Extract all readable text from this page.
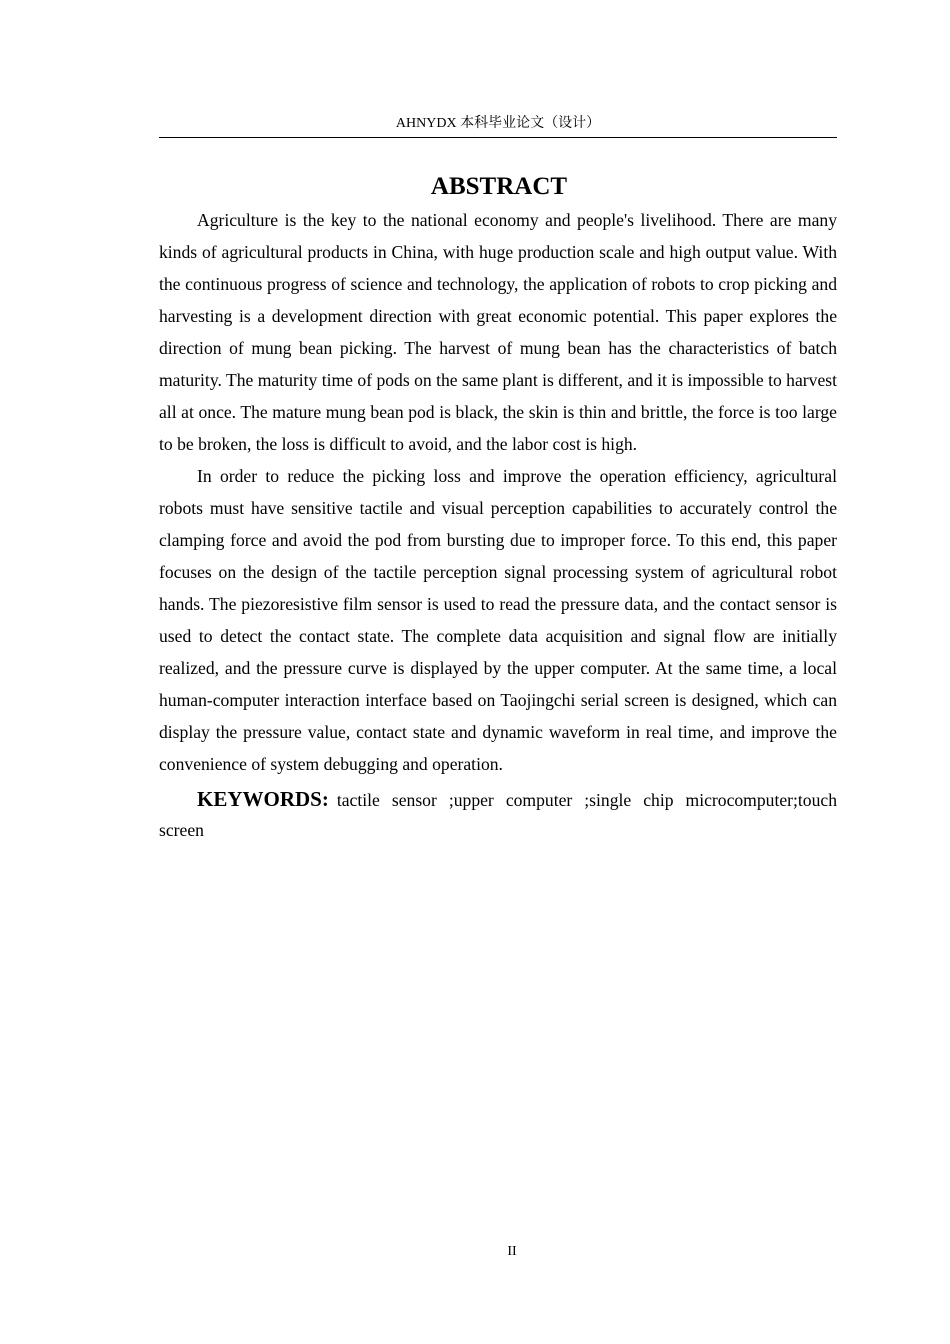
AHNYDX 本科毕业论文（设计）
ABSTRACT

Agriculture is the key to the national economy and people's livelihood. There are many kinds of agricultural products in China, with huge production scale and high output value. With the continuous progress of science and technology, the application of robots to crop picking and harvesting is a development direction with great economic potential. This paper explores the direction of mung bean picking. The harvest of mung bean has the characteristics of batch maturity. The maturity time of pods on the same plant is different, and it is impossible to harvest all at once. The mature mung bean pod is black, the skin is thin and brittle, the force is too large to be broken, the loss is difficult to avoid, and the labor cost is high.

In order to reduce the picking loss and improve the operation efficiency, agricultural robots must have sensitive tactile and visual perception capabilities to accurately control the clamping force and avoid the pod from bursting due to improper force. To this end, this paper focuses on the design of the tactile perception signal processing system of agricultural robot hands. The piezoresistive film sensor is used to read the pressure data, and the contact sensor is used to detect the contact state. The complete data acquisition and signal flow are initially realized, and the pressure curve is displayed by the upper computer. At the same time, a local human-computer interaction interface based on Taojingchi serial screen is designed, which can display the pressure value, contact state and dynamic waveform in real time, and improve the convenience of system debugging and operation.

KEYWORDS: tactile sensor ;upper computer ;single chip microcomputer;touch screen

II
